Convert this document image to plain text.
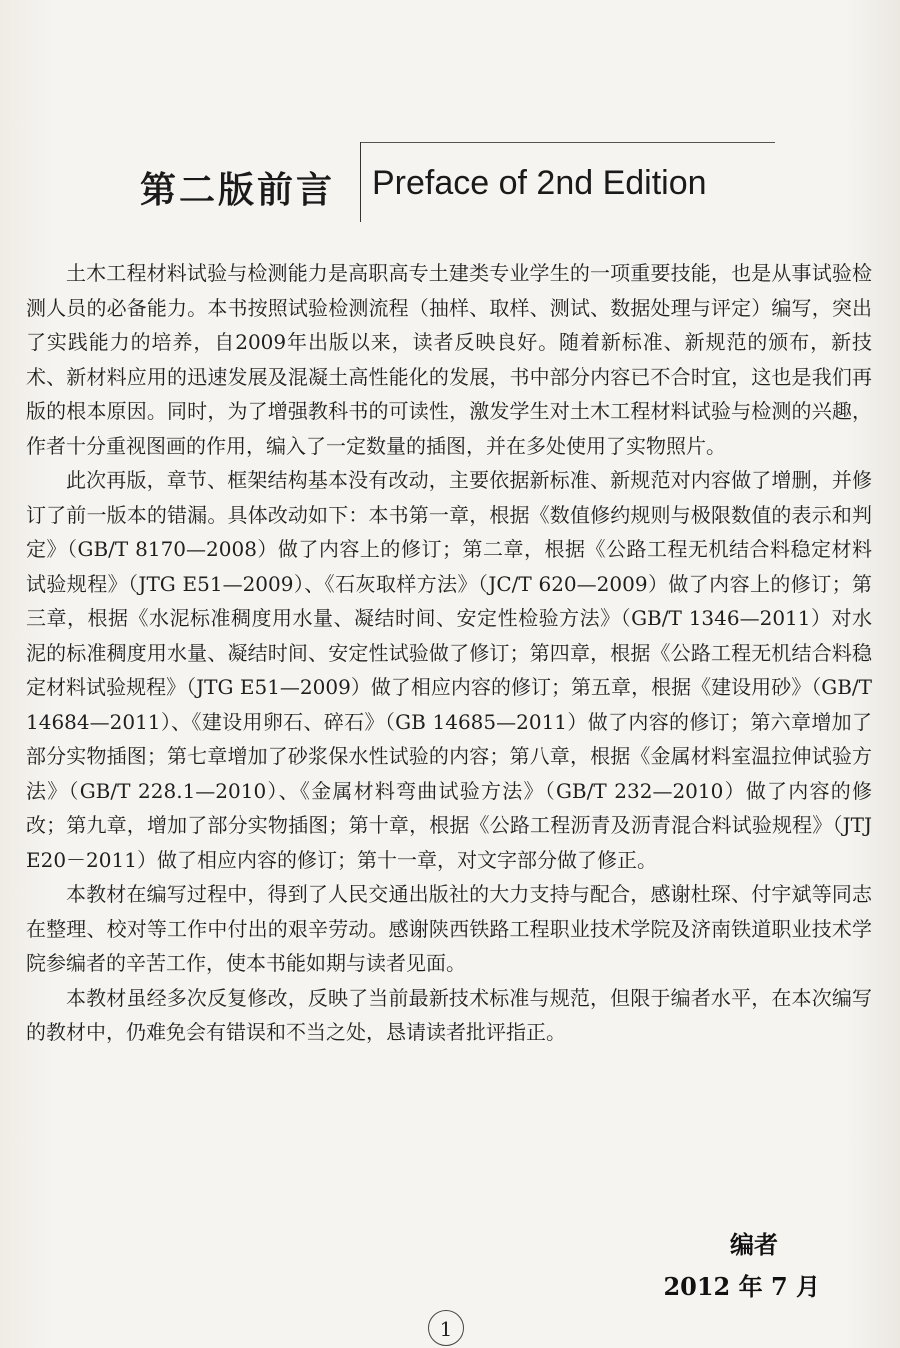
第二版前言 Preface of 2nd Edition

土木工程材料试验与检测能力是高职高专土建类专业学生的一项重要技能，也是从事试验检测人员的必备能力。本书按照试验检测流程（抽样、取样、测试、数据处理与评定）编写，突出了实践能力的培养，自2009年出版以来，读者反映良好。随着新标准、新规范的颁布，新技术、新材料应用的迅速发展及混凝土高性能化的发展，书中部分内容已不合时宜，这也是我们再版的根本原因。同时，为了增强教科书的可读性，激发学生对土木工程材料试验与检测的兴趣，作者十分重视图画的作用，编入了一定数量的插图，并在多处使用了实物照片。

此次再版，章节、框架结构基本没有改动，主要依据新标准、新规范对内容做了增删，并修订了前一版本的错漏。具体改动如下：本书第一章，根据《数值修约规则与极限数值的表示和判定》（GB/T 8170—2008）做了内容上的修订；第二章，根据《公路工程无机结合料稳定材料试验规程》（JTG E51—2009）、《石灰取样方法》（JC/T 620—2009）做了内容上的修订；第三章，根据《水泥标准稠度用水量、凝结时间、安定性检验方法》（GB/T 1346—2011）对水泥的标准稠度用水量、凝结时间、安定性试验做了修订；第四章，根据《公路工程无机结合料稳定材料试验规程》（JTG E51—2009）做了相应内容的修订；第五章，根据《建设用砂》（GB/T 14684—2011）、《建设用卵石、碎石》（GB 14685—2011）做了内容的修订；第六章增加了部分实物插图；第七章增加了砂浆保水性试验的内容；第八章，根据《金属材料室温拉伸试验方法》（GB/T 228.1—2010）、《金属材料弯曲试验方法》（GB/T 232—2010）做了内容的修改；第九章，增加了部分实物插图；第十章，根据《公路工程沥青及沥青混合料试验规程》（JTJ E20－2011）做了相应内容的修订；第十一章，对文字部分做了修正。

本教材在编写过程中，得到了人民交通出版社的大力支持与配合，感谢杜琛、付宇斌等同志在整理、校对等工作中付出的艰辛劳动。感谢陕西铁路工程职业技术学院及济南铁道职业技术学院参编者的辛苦工作，使本书能如期与读者见面。

本教材虽经多次反复修改，反映了当前最新技术标准与规范，但限于编者水平，在本次编写的教材中，仍难免会有错误和不当之处，恳请读者批评指正。

编者
2012 年 7 月
1
